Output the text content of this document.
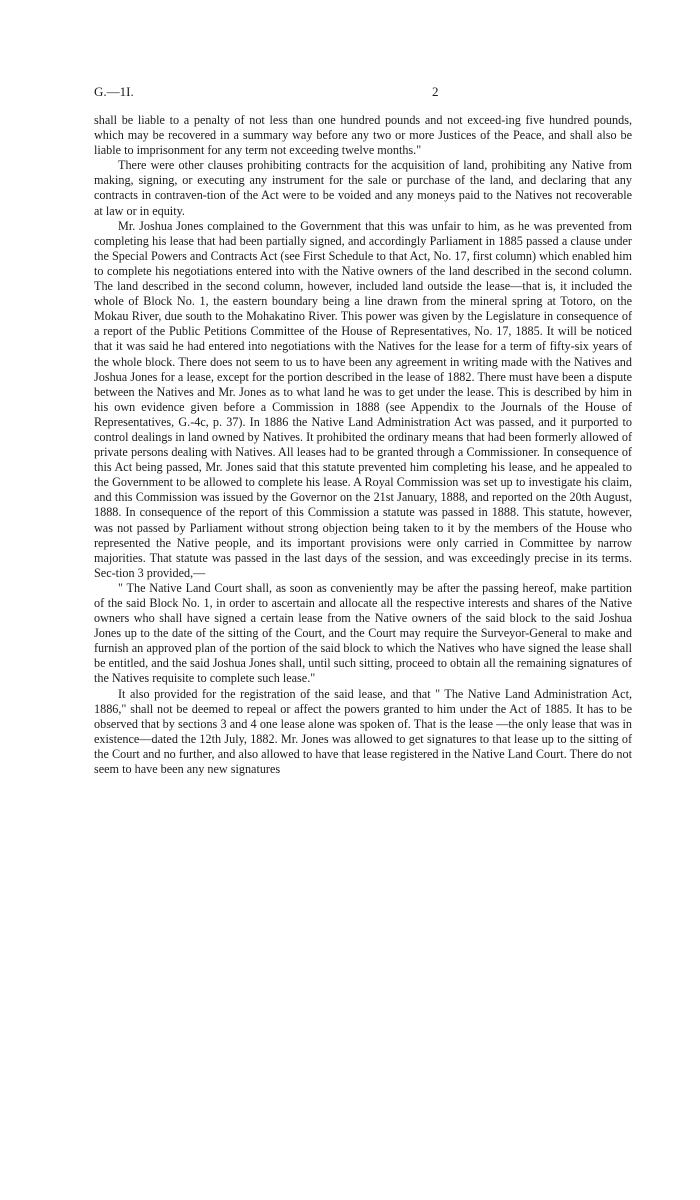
G.—1I.	2

shall be liable to a penalty of not less than one hundred pounds and not exceed-ing five hundred pounds, which may be recovered in a summary way before any two or more Justices of the Peace, and shall also be liable to imprisonment for any term not exceeding twelve months."

There were other clauses prohibiting contracts for the acquisition of land, prohibiting any Native from making, signing, or executing any instrument for the sale or purchase of the land, and declaring that any contracts in contraven-tion of the Act were to be voided and any moneys paid to the Natives not recoverable at law or in equity.

Mr. Joshua Jones complained to the Government that this was unfair to him, as he was prevented from completing his lease that had been partially signed, and accordingly Parliament in 1885 passed a clause under the Special Powers and Contracts Act (see First Schedule to that Act, No. 17, first column) which enabled him to complete his negotiations entered into with the Native owners of the land described in the second column. The land described in the second column, however, included land outside the lease—that is, it included the whole of Block No. 1, the eastern boundary being a line drawn from the mineral spring at Totoro, on the Mokau River, due south to the Mohakatino River. This power was given by the Legislature in consequence of a report of the Public Petitions Committee of the House of Representatives, No. 17, 1885. It will be noticed that it was said he had entered into negotiations with the Natives for the lease for a term of fifty-six years of the whole block. There does not seem to us to have been any agreement in writing made with the Natives and Joshua Jones for a lease, except for the portion described in the lease of 1882. There must have been a dispute between the Natives and Mr. Jones as to what land he was to get under the lease. This is described by him in his own evidence given before a Commission in 1888 (see Appendix to the Journals of the House of Representatives, G.-4c, p. 37). In 1886 the Native Land Administration Act was passed, and it purported to control dealings in land owned by Natives. It prohibited the ordinary means that had been formerly allowed of private persons dealing with Natives. All leases had to be granted through a Commissioner. In consequence of this Act being passed, Mr. Jones said that this statute prevented him completing his lease, and he appealed to the Government to be allowed to complete his lease. A Royal Commission was set up to investigate his claim, and this Commission was issued by the Governor on the 21st January, 1888, and reported on the 20th August, 1888. In consequence of the report of this Commission a statute was passed in 1888. This statute, however, was not passed by Parliament without strong objection being taken to it by the members of the House who represented the Native people, and its important provisions were only carried in Committee by narrow majorities. That statute was passed in the last days of the session, and was exceedingly precise in its terms. Sec-tion 3 provided,—

" The Native Land Court shall, as soon as conveniently may be after the passing hereof, make partition of the said Block No. 1, in order to ascertain and allocate all the respective interests and shares of the Native owners who shall have signed a certain lease from the Native owners of the said block to the said Joshua Jones up to the date of the sitting of the Court, and the Court may require the Surveyor-General to make and furnish an approved plan of the portion of the said block to which the Natives who have signed the lease shall be entitled, and the said Joshua Jones shall, until such sitting, proceed to obtain all the remaining signatures of the Natives requisite to complete such lease."

It also provided for the registration of the said lease, and that " The Native Land Administration Act, 1886," shall not be deemed to repeal or affect the powers granted to him under the Act of 1885. It has to be observed that by sections 3 and 4 one lease alone was spoken of. That is the lease —the only lease that was in existence—dated the 12th July, 1882. Mr. Jones was allowed to get signatures to that lease up to the sitting of the Court and no further, and also allowed to have that lease registered in the Native Land Court. There do not seem to have been any new signatures
